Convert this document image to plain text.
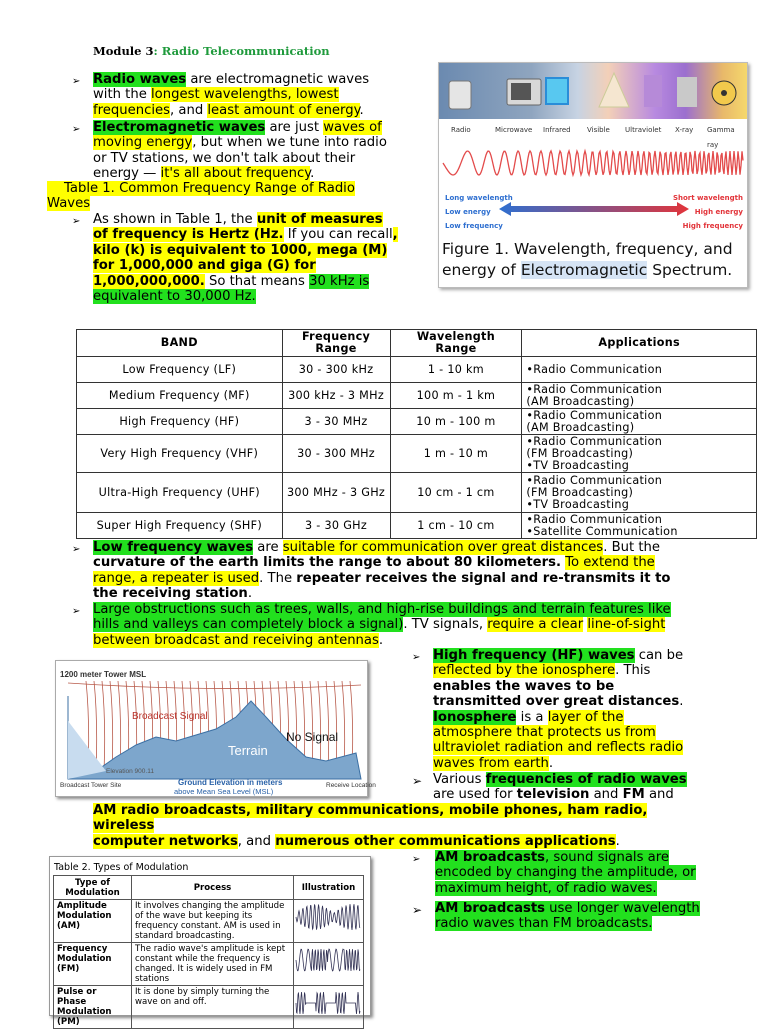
Module 3: Radio Telecommunication
➢ Radio waves are electromagnetic waves
with the longest wavelengths, lowest
frequencies, and least amount of energy.
➢ Electromagnetic waves are just waves of
moving energy, but when we tune into radio
or TV stations, we don't talk about their
energy — it's all about frequency.
Table 1. Common Frequency Range of Radio
Waves
➢ As shown in Table 1, the unit of measures
of frequency is Hertz (Hz. If you can recall,
kilo (k) is equivalent to 1000, mega (M)
for 1,000,000 and giga (G) for
1,000,000,000. So that means 30 kHz is
equivalent to 30,000 Hz.
Radio	Microwave Infrared Visible Ultraviolet X-ray Gamma ray
Long wavelength
Low energy
Low frequency
Short wavelength
High energy
High frequency
Figure 1. Wavelength, frequency, and
energy of Electromagnetic Spectrum.
BAND	Frequency Range	Wavelength Range	Applications
Low Frequency (LF)	30 - 300 kHz	1 - 10 km	•Radio Communication

Medium Frequency (MF)	300 kHz - 3 MHz	100 m - 1 km	•Radio Communication
(AM Broadcasting)

High Frequency (HF)	3 - 30 MHz	10 m - 100 m	•Radio Communication
(AM Broadcasting)

Very High Frequency (VHF)	30 - 300 MHz	1 m - 10 m	•Radio Communication
(FM Broadcasting)
•TV Broadcasting

Ultra-High Frequency (UHF)	300 MHz - 3 GHz	10 cm - 1 cm	•Radio Communication
(FM Broadcasting)
•TV Broadcasting

Super High Frequency (SHF)	3 - 30 GHz	1 cm - 10 cm	•Radio Communication
•Satellite Communication
➢ Low frequency waves are suitable for communication over great distances. But the
curvature of the earth limits the range to about 80 kilometers. To extend the
range, a repeater is used. The repeater receives the signal and re-transmits it to
the receiving station.
➢ Large obstructions such as trees, walls, and high-rise buildings and terrain features like
hills and valleys can completely block a signal). TV signals, require a clear line-of-sight
between broadcast and receiving antennas.
1200 meter Tower MSL
Broadcast Signal
No Signal
Terrain
Elevation 900.11
Broadcast Tower Site	Ground Elevation in meters
above Mean Sea Level (MSL)
Receive Location
➢ High frequency (HF) waves can be
reflected by the ionosphere. This
enables the waves to be
transmitted over great distances.
Ionosphere is a layer of the
atmosphere that protects us from
ultraviolet radiation and reflects radio
waves from earth.
➢ Various frequencies of radio waves
are used for television and FM and
AM radio broadcasts, military communications, mobile phones, ham radio,
wireless
computer networks, and numerous other communications applications.
Table 2. Types of Modulation
Type of Modulation	Process	Illustration
Amplitude Modulation (AM)	It involves changing the amplitude of the wave but keeping its frequency constant. AM is used in standard broadcasting.	
Frequency Modulation (FM)	The radio wave's amplitude is kept constant while the frequency is changed. It is widely used in FM stations	
Pulse or Phase Modulation (PM)	It is done by simply turning the wave on and off.	
➢ AM broadcasts, sound signals are
encoded by changing the amplitude, or
maximum height, of radio waves.
➢ AM broadcasts use longer wavelength
radio waves than FM broadcasts.
